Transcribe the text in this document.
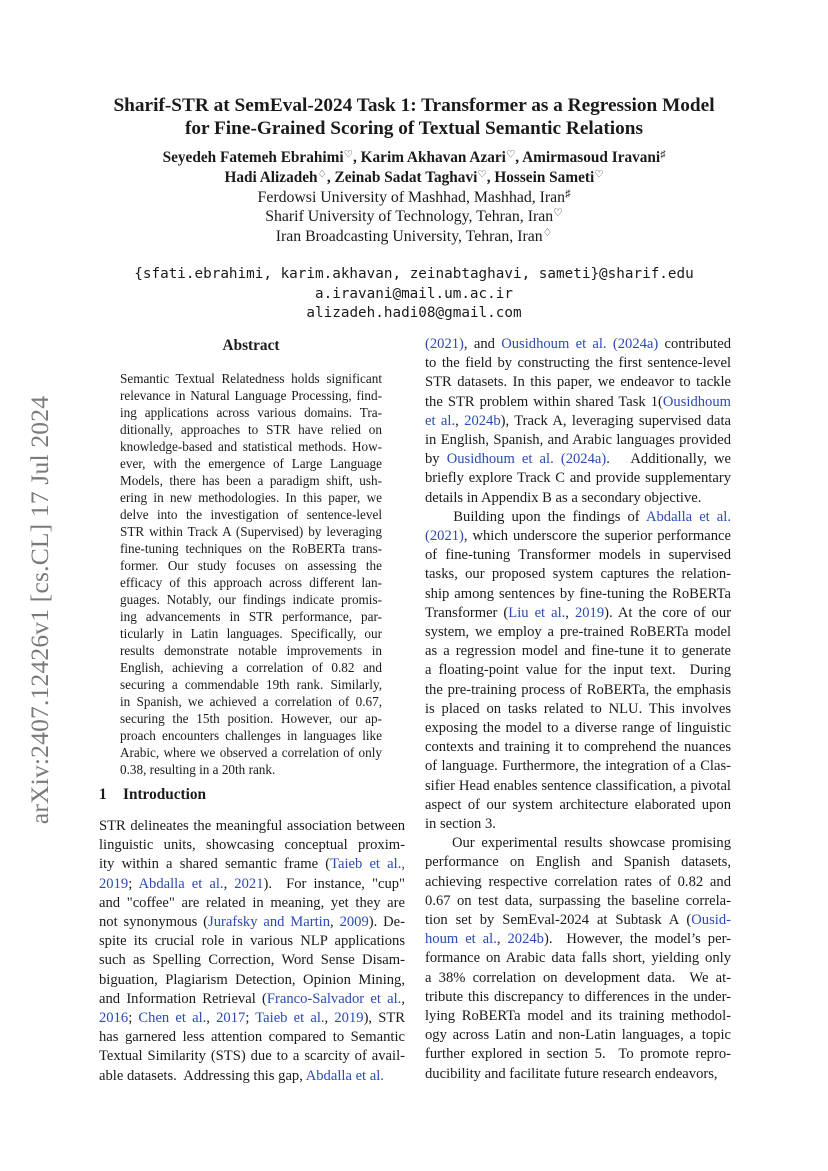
arXiv:2407.12426v1 [cs.CL] 17 Jul 2024
Sharif-STR at SemEval-2024 Task 1: Transformer as a Regression Model
for Fine-Grained Scoring of Textual Semantic Relations
Seyedeh Fatemeh Ebrahimi♡, Karim Akhavan Azari♡, Amirmasoud Iravani♯
Hadi Alizadeh♢, Zeinab Sadat Taghavi♡, Hossein Sameti♡
Ferdowsi University of Mashhad, Mashhad, Iran♯
Sharif University of Technology, Tehran, Iran♡
Iran Broadcasting University, Tehran, Iran♢
{sfati.ebrahimi, karim.akhavan, zeinabtaghavi, sameti}@sharif.edu
a.iravani@mail.um.ac.ir
alizadeh.hadi08@gmail.com
Abstract
Semantic Textual Relatedness holds significant
relevance in Natural Language Processing, find-
ing applications across various domains. Tra-
ditionally, approaches to STR have relied on
knowledge-based and statistical methods. How-
ever, with the emergence of Large Language
Models, there has been a paradigm shift, ush-
ering in new methodologies. In this paper, we
delve into the investigation of sentence-level
STR within Track A (Supervised) by leveraging
fine-tuning techniques on the RoBERTa trans-
former. Our study focuses on assessing the
efficacy of this approach across different lan-
guages. Notably, our findings indicate promis-
ing advancements in STR performance, par-
ticularly in Latin languages. Specifically, our
results demonstrate notable improvements in
English, achieving a correlation of 0.82 and
securing a commendable 19th rank. Similarly,
in Spanish, we achieved a correlation of 0.67,
securing the 15th position. However, our ap-
proach encounters challenges in languages like
Arabic, where we observed a correlation of only
0.38, resulting in a 20th rank.
1 Introduction
STR delineates the meaningful association between
linguistic units, showcasing conceptual proxim-
ity within a shared semantic frame (Taieb et al.,
2019; Abdalla et al., 2021).  For instance, "cup"
and "coffee" are related in meaning, yet they are
not synonymous (Jurafsky and Martin, 2009). De-
spite its crucial role in various NLP applications
such as Spelling Correction, Word Sense Disam-
biguation, Plagiarism Detection, Opinion Mining,
and Information Retrieval (Franco-Salvador et al.,
2016; Chen et al., 2017; Taieb et al., 2019), STR
has garnered less attention compared to Semantic
Textual Similarity (STS) due to a scarcity of avail-
able datasets.  Addressing this gap, Abdalla et al.
(2021), and Ousidhoum et al. (2024a) contributed
to the field by constructing the first sentence-level
STR datasets. In this paper, we endeavor to tackle
the STR problem within shared Task 1(Ousidhoum
et al., 2024b), Track A, leveraging supervised data
in English, Spanish, and Arabic languages provided
by Ousidhoum et al. (2024a).   Additionally, we
briefly explore Track C and provide supplementary
details in Appendix B as a secondary objective.
Building upon the findings of Abdalla et al.
(2021), which underscore the superior performance
of fine-tuning Transformer models in supervised
tasks, our proposed system captures the relation-
ship among sentences by fine-tuning the RoBERTa
Transformer (Liu et al., 2019). At the core of our
system, we employ a pre-trained RoBERTa model
as a regression model and fine-tune it to generate
a floating-point value for the input text.  During
the pre-training process of RoBERTa, the emphasis
is placed on tasks related to NLU. This involves
exposing the model to a diverse range of linguistic
contexts and training it to comprehend the nuances
of language. Furthermore, the integration of a Clas-
sifier Head enables sentence classification, a pivotal
aspect of our system architecture elaborated upon
in section 3.
Our experimental results showcase promising
performance on English and Spanish datasets,
achieving respective correlation rates of 0.82 and
0.67 on test data, surpassing the baseline correla-
tion set by SemEval-2024 at Subtask A (Ousid-
houm et al., 2024b).  However, the model’s per-
formance on Arabic data falls short, yielding only
a 38% correlation on development data.  We at-
tribute this discrepancy to differences in the under-
lying RoBERTa model and its training methodol-
ogy across Latin and non-Latin languages, a topic
further explored in section 5.  To promote repro-
ducibility and facilitate future research endeavors,
